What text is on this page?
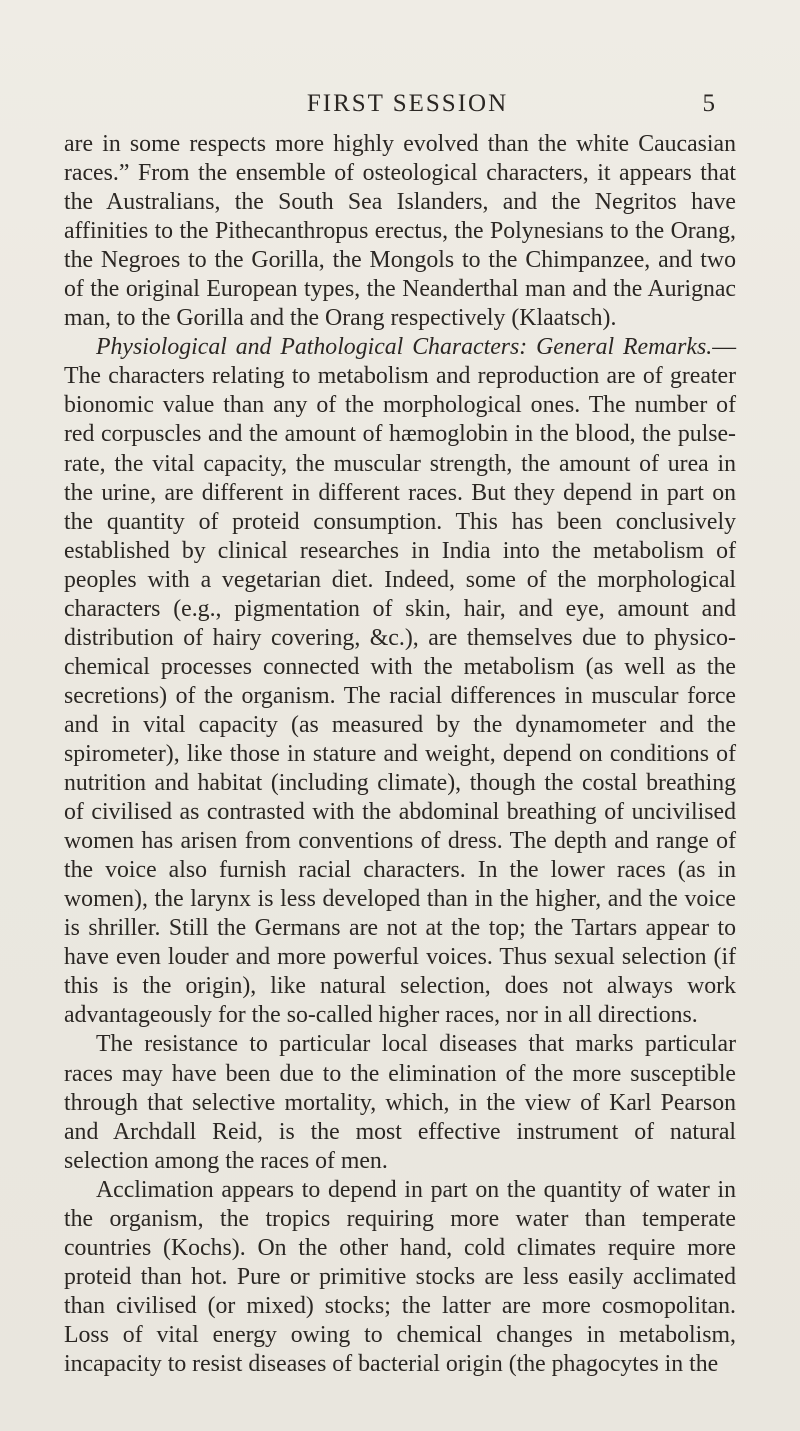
FIRST SESSION	5

are in some respects more highly evolved than the white Caucasian races.” From the ensemble of osteological characters, it appears that the Australians, the South Sea Islanders, and the Negritos have affinities to the Pithecanthropus erectus, the Polynesians to the Orang, the Negroes to the Gorilla, the Mongols to the Chimpanzee, and two of the original European types, the Neanderthal man and the Aurignac man, to the Gorilla and the Orang respectively (Klaatsch).

Physiological and Pathological Characters: General Remarks.—The characters relating to metabolism and reproduction are of greater bionomic value than any of the morphological ones. The number of red corpuscles and the amount of hæmoglobin in the blood, the pulse-rate, the vital capacity, the muscular strength, the amount of urea in the urine, are different in different races. But they depend in part on the quantity of proteid consumption. This has been conclusively established by clinical researches in India into the metabolism of peoples with a vegetarian diet. Indeed, some of the morphological characters (e.g., pigmentation of skin, hair, and eye, amount and distribution of hairy covering, &c.), are themselves due to physico-chemical processes connected with the metabolism (as well as the secretions) of the organism. The racial differences in muscular force and in vital capacity (as measured by the dynamometer and the spirometer), like those in stature and weight, depend on conditions of nutrition and habitat (including climate), though the costal breathing of civilised as contrasted with the abdominal breathing of uncivilised women has arisen from conventions of dress. The depth and range of the voice also furnish racial characters. In the lower races (as in women), the larynx is less developed than in the higher, and the voice is shriller. Still the Germans are not at the top; the Tartars appear to have even louder and more powerful voices. Thus sexual selection (if this is the origin), like natural selection, does not always work advantageously for the so-called higher races, nor in all directions.

The resistance to particular local diseases that marks particular races may have been due to the elimination of the more susceptible through that selective mortality, which, in the view of Karl Pearson and Archdall Reid, is the most effective instrument of natural selection among the races of men.

Acclimation appears to depend in part on the quantity of water in the organism, the tropics requiring more water than temperate countries (Kochs). On the other hand, cold climates require more proteid than hot. Pure or primitive stocks are less easily acclimated than civilised (or mixed) stocks; the latter are more cosmopolitan. Loss of vital energy owing to chemical changes in metabolism, incapacity to resist diseases of bacterial origin (the phagocytes in the
